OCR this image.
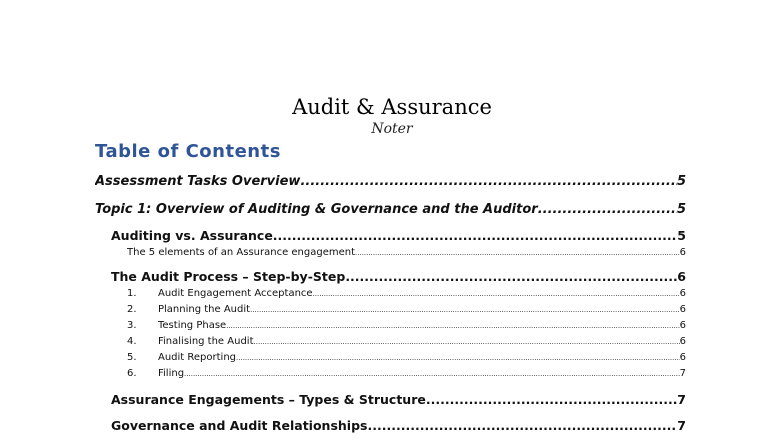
Audit & Assurance
Noter
Table of Contents
Assessment Tasks Overview .....	5
Topic 1: Overview of Auditing & Governance and the Auditor .....	5
Auditing vs. Assurance .....	5
The 5 elements of an Assurance engagement .....	6
The Audit Process – Step-by-Step .....	6
1.	Audit Engagement Acceptance .....	6
2.	Planning the Audit .....	6
3.	Testing Phase .....	6
4.	Finalising the Audit .....	6
5.	Audit Reporting .....	6
6.	Filing .....	7
Assurance Engagements – Types & Structure .....	7
Governance and Audit Relationships .....	7
